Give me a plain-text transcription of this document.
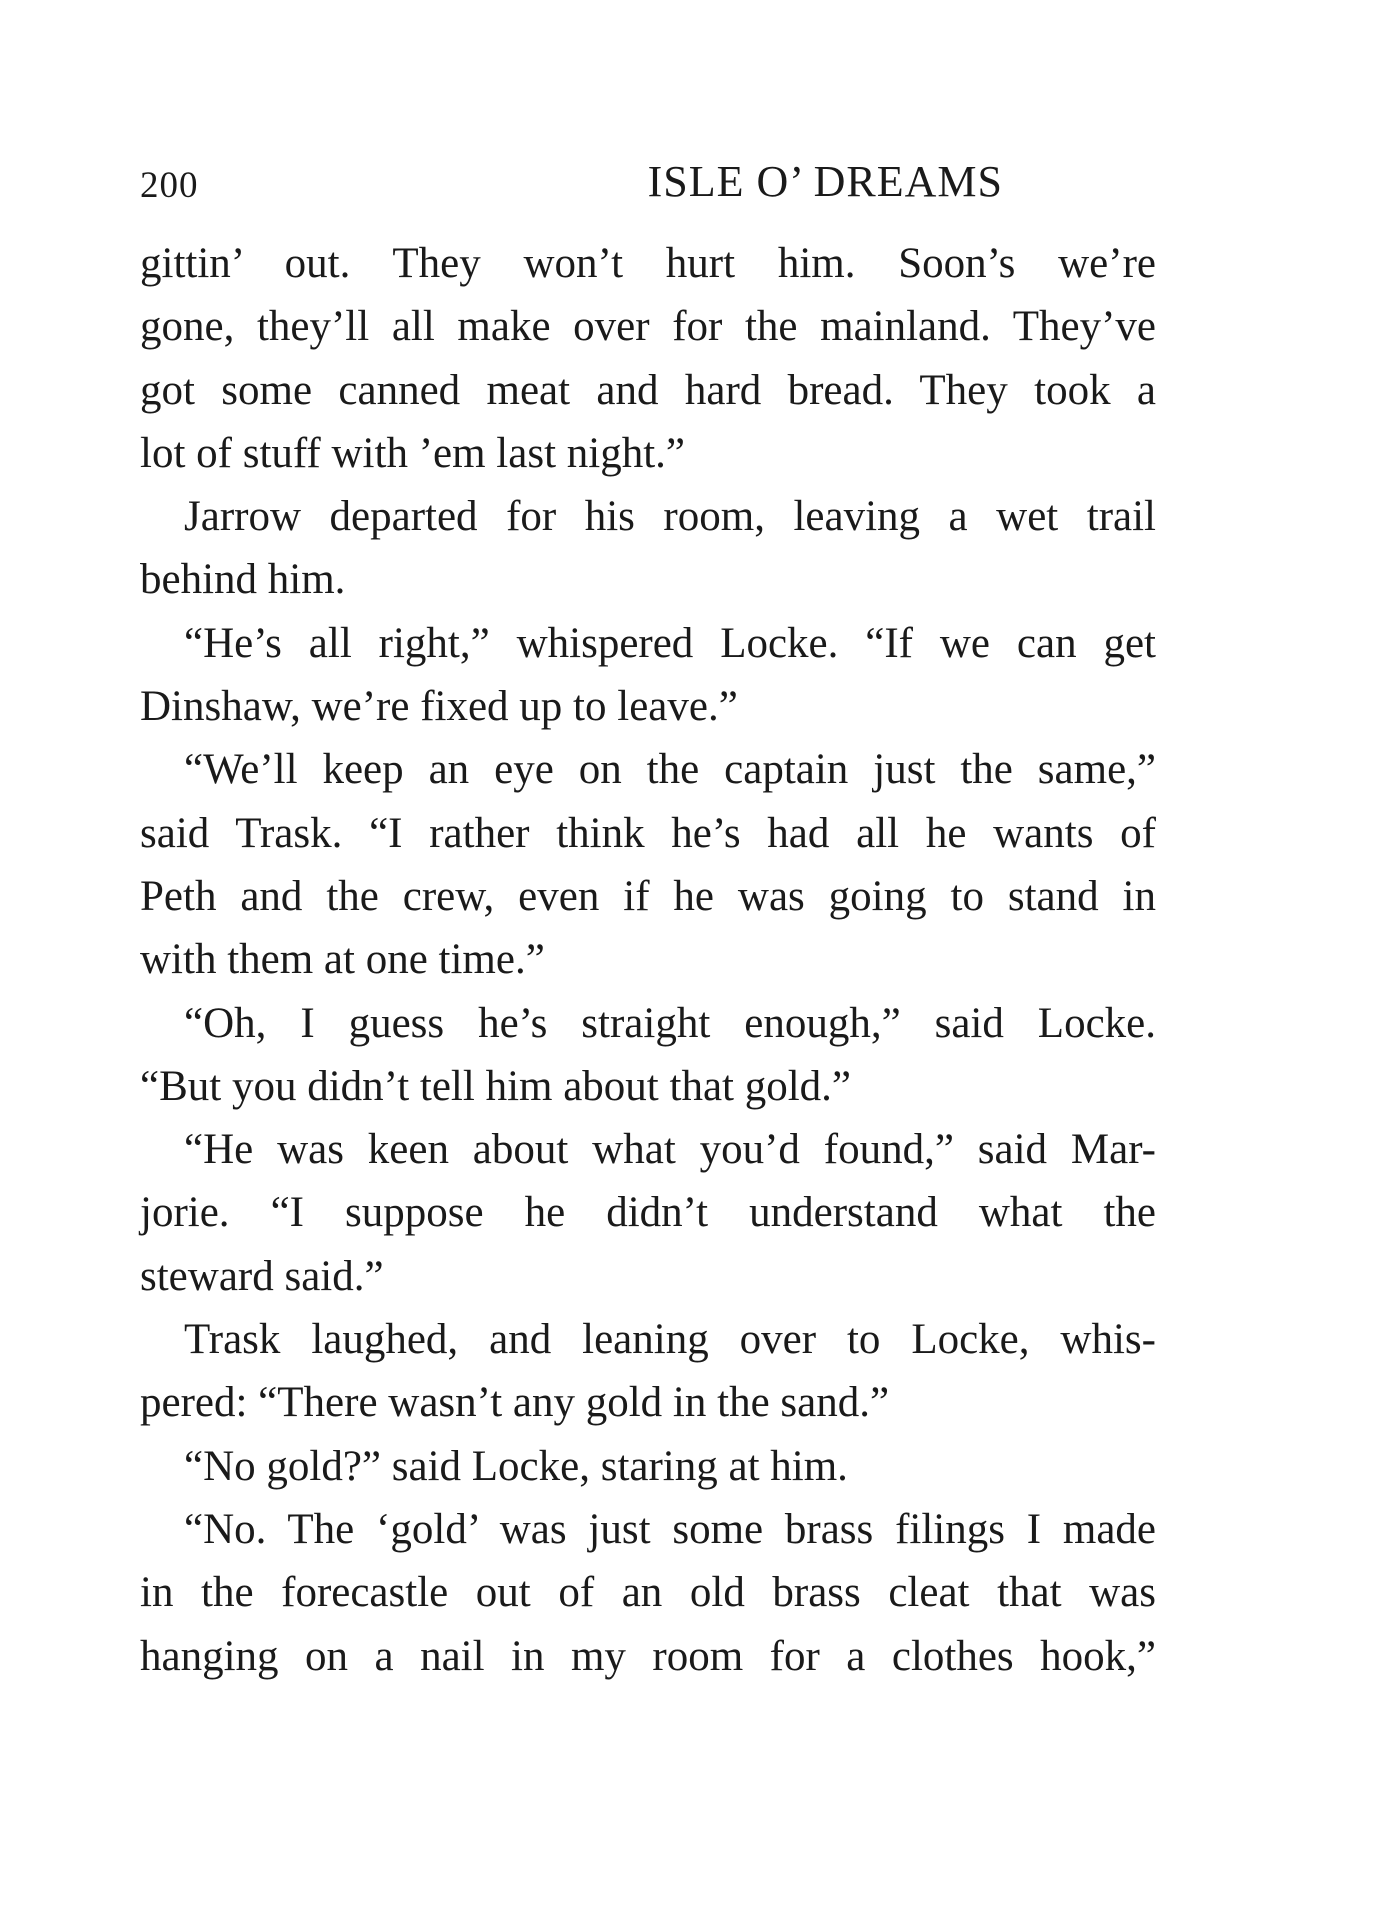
200	ISLE O’ DREAMS
gittin’ out. They won’t hurt him. Soon’s we’re
gone, they’ll all make over for the mainland. They’ve
got some canned meat and hard bread. They took a
lot of stuff with ’em last night.”
Jarrow departed for his room, leaving a wet trail
behind him.
“He’s all right,” whispered Locke. “If we can get
Dinshaw, we’re fixed up to leave.”
“We’ll keep an eye on the captain just the same,”
said Trask. “I rather think he’s had all he wants of
Peth and the crew, even if he was going to stand in
with them at one time.”
“Oh, I guess he’s straight enough,” said Locke.
“But you didn’t tell him about that gold.”
“He was keen about what you’d found,” said Mar-
jorie. “I suppose he didn’t understand what the
steward said.”
Trask laughed, and leaning over to Locke, whis-
pered: “There wasn’t any gold in the sand.”
“No gold?” said Locke, staring at him.
“No. The ‘gold’ was just some brass filings I made
in the forecastle out of an old brass cleat that was
hanging on a nail in my room for a clothes hook,”
